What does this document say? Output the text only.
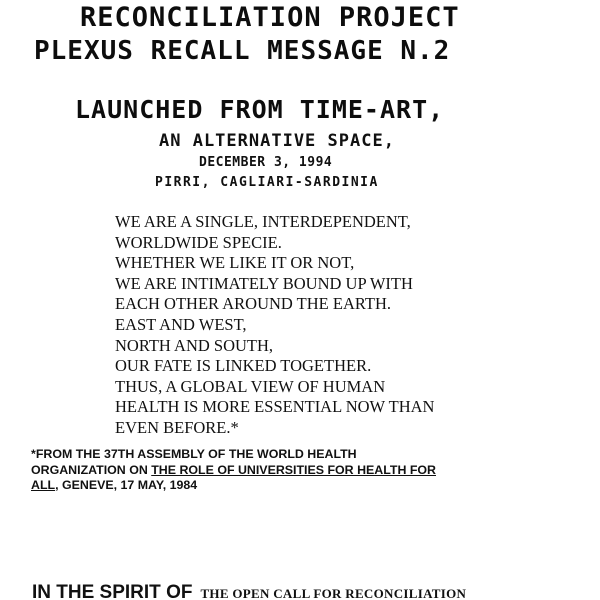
RECONCILIATION PROJECT
PLEXUS RECALL MESSAGE N.2
LAUNCHED FROM TIME-ART,
AN ALTERNATIVE SPACE,
DECEMBER 3, 1994
PIRRI, CAGLIARI-SARDINIA
WE ARE A SINGLE, INTERDEPENDENT,
WORLDWIDE SPECIE.
WHETHER WE LIKE IT OR NOT,
WE ARE INTIMATELY BOUND UP WITH
EACH OTHER AROUND THE EARTH.
EAST AND WEST,
NORTH AND SOUTH,
OUR FATE IS LINKED TOGETHER.
THUS, A GLOBAL VIEW OF HUMAN
HEALTH IS MORE ESSENTIAL NOW THAN
EVEN BEFORE.*
*FROM THE 37TH ASSEMBLY OF THE WORLD HEALTH
ORGANIZATION ON THE ROLE OF UNIVERSITIES FOR HEALTH FOR
ALL, GENEVE, 17 MAY, 1984
IN THE SPIRIT OF THE OPEN CALL FOR RECONCILIATION
